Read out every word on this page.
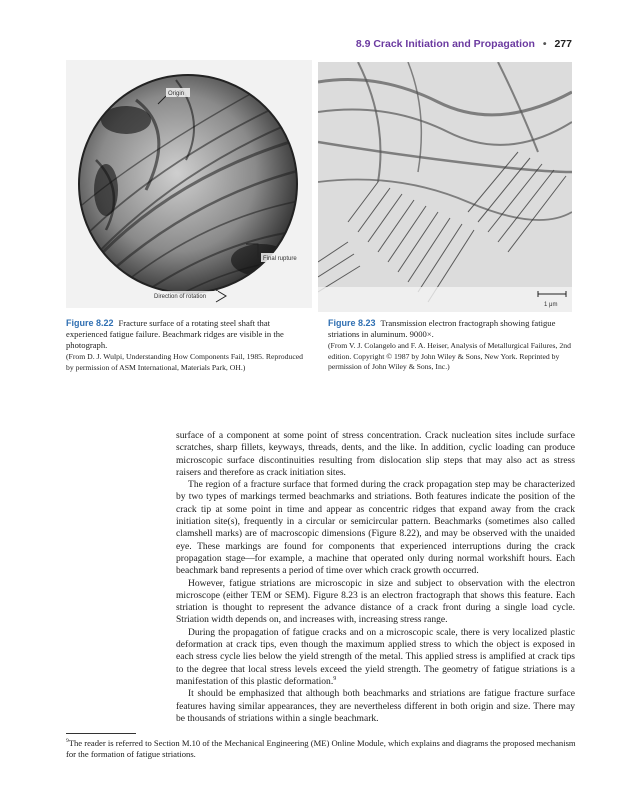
8.9 Crack Initiation and Propagation • 277
Origin
Final rupture
Direction of rotation
1 μm
Figure 8.22 Fracture surface of a rotating steel shaft that experienced fatigue failure. Beachmark ridges are visible in the photograph.
(From D. J. Wulpi, Understanding How Components Fail, 1985. Reproduced by permission of ASM International, Materials Park, OH.)
Figure 8.23 Transmission electron fractograph showing fatigue striations in aluminum. 9000×.
(From V. J. Colangelo and F. A. Heiser, Analysis of Metallurgical Failures, 2nd edition. Copyright © 1987 by John Wiley & Sons, New York. Reprinted by permission of John Wiley & Sons, Inc.)

surface of a component at some point of stress concentration. Crack nucleation sites include surface scratches, sharp fillets, keyways, threads, dents, and the like. In addition, cyclic loading can produce microscopic surface discontinuities resulting from dislocation slip steps that may also act as stress raisers and therefore as crack initiation sites.

The region of a fracture surface that formed during the crack propagation step may be characterized by two types of markings termed beachmarks and striations. Both features indicate the position of the crack tip at some point in time and appear as concentric ridges that expand away from the crack initiation site(s), frequently in a circular or semicircular pattern. Beachmarks (sometimes also called clamshell marks) are of macroscopic dimensions (Figure 8.22), and may be observed with the unaided eye. These markings are found for components that experienced interruptions during the crack propagation stage—for example, a machine that operated only during normal workshift hours. Each beachmark band represents a period of time over which crack growth occurred.

However, fatigue striations are microscopic in size and subject to observation with the electron microscope (either TEM or SEM). Figure 8.23 is an electron fractograph that shows this feature. Each striation is thought to represent the advance distance of a crack front during a single load cycle. Striation width depends on, and increases with, increasing stress range.

During the propagation of fatigue cracks and on a microscopic scale, there is very localized plastic deformation at crack tips, even though the maximum applied stress to which the object is exposed in each stress cycle lies below the yield strength of the metal. This applied stress is amplified at crack tips to the degree that local stress levels exceed the yield strength. The geometry of fatigue striations is a manifestation of this plastic deformation.$^9$

It should be emphasized that although both beachmarks and striations are fatigue fracture surface features having similar appearances, they are nevertheless different in both origin and size. There may be thousands of striations within a single beachmark.

$^9$The reader is referred to Section M.10 of the Mechanical Engineering (ME) Online Module, which explains and diagrams the proposed mechanism for the formation of fatigue striations.
